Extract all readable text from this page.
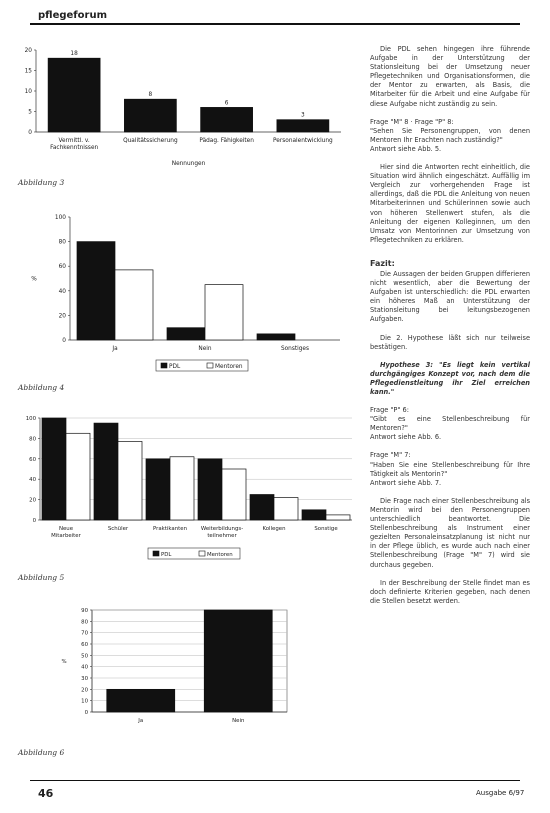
pflegeforum
0
5
10
15
20
18
Vermittl. v.
Fachkenntnissen
8
Qualitätssicherung
6
Pädag. Fähigkeiten
3
Personalentwicklung
Nennungen
Abbildung 3
0
20
40
60
80
100
%
Ja	Nein	Sonstiges
PDL	Mentoren
Abbildung 4
0
20
40
60
80
100
Neue
Mitarbeiter
Schüler	Praktikanten	Weiterbildungs-
teilnehmer
Kollegen	Sonstige
PDL	Mentoren
Abbildung 5
0
10
20
30
40
50
60
70
80
90
%
Ja	Nein
Abbildung 6

Die PDL sehen hingegen ihre führende Aufgabe in der Unterstützung der Stationsleitung bei der Umsetzung neuer Pflegetechniken und Organisationsformen, die der Mentor zu erwarten, als Basis, die Mitarbeiter für die Arbeit und eine Aufgabe für diese Aufgabe nicht zuständig zu sein.

Frage "M" 8 · Frage "P" 8:
"Sehen Sie Personengruppen, von denen Mentoren Ihr Erachten nach zuständig?"
Antwort siehe Abb. 5.

Hier sind die Antworten recht einheitlich, die Situation wird ähnlich eingeschätzt. Auffällig im Vergleich zur vorhergehenden Frage ist allerdings, daß die PDL die Anleitung von neuen Mitarbeiterinnen und Schülerinnen sowie auch von höheren Stellenwert stufen, als die Anleitung der eigenen Kolleginnen, um den Umsatz von Mentorinnen zur Umsetzung von Pflegetechniken zu erklären.

Fazit:

Die Aussagen der beiden Gruppen differieren nicht wesentlich, aber die Bewertung der Aufgaben ist unterschiedlich: die PDL erwarten ein höheres Maß an Unterstützung der Stationsleitung bei leitungsbezogenen Aufgaben.

Die 2. Hypothese läßt sich nur teilweise bestätigen.

Hypothese 3: "Es liegt kein vertikal durchgängiges Konzept vor, nach dem die Pflegedienstleitung ihr Ziel erreichen kann."

Frage "P" 6:
"Gibt es eine Stellenbeschreibung für Mentoren?"
Antwort siehe Abb. 6.

Frage "M" 7:
"Haben Sie eine Stellenbeschreibung für Ihre Tätigkeit als Mentorin?"
Antwort siehe Abb. 7.

Die Frage nach einer Stellenbeschreibung als Mentorin wird bei den Personengruppen unterschiedlich beantwortet. Die Stellenbeschreibung als Instrument einer gezielten Personaleinsatzplanung ist nicht nur in der Pflege üblich, es wurde auch nach einer Stellenbeschreibung (Frage "M" 7) wird sie durchaus gegeben.

In der Beschreibung der Stelle findet man es doch definierte Kriterien gegeben, nach denen die Stellen besetzt werden.

46	Ausgabe 6/97
